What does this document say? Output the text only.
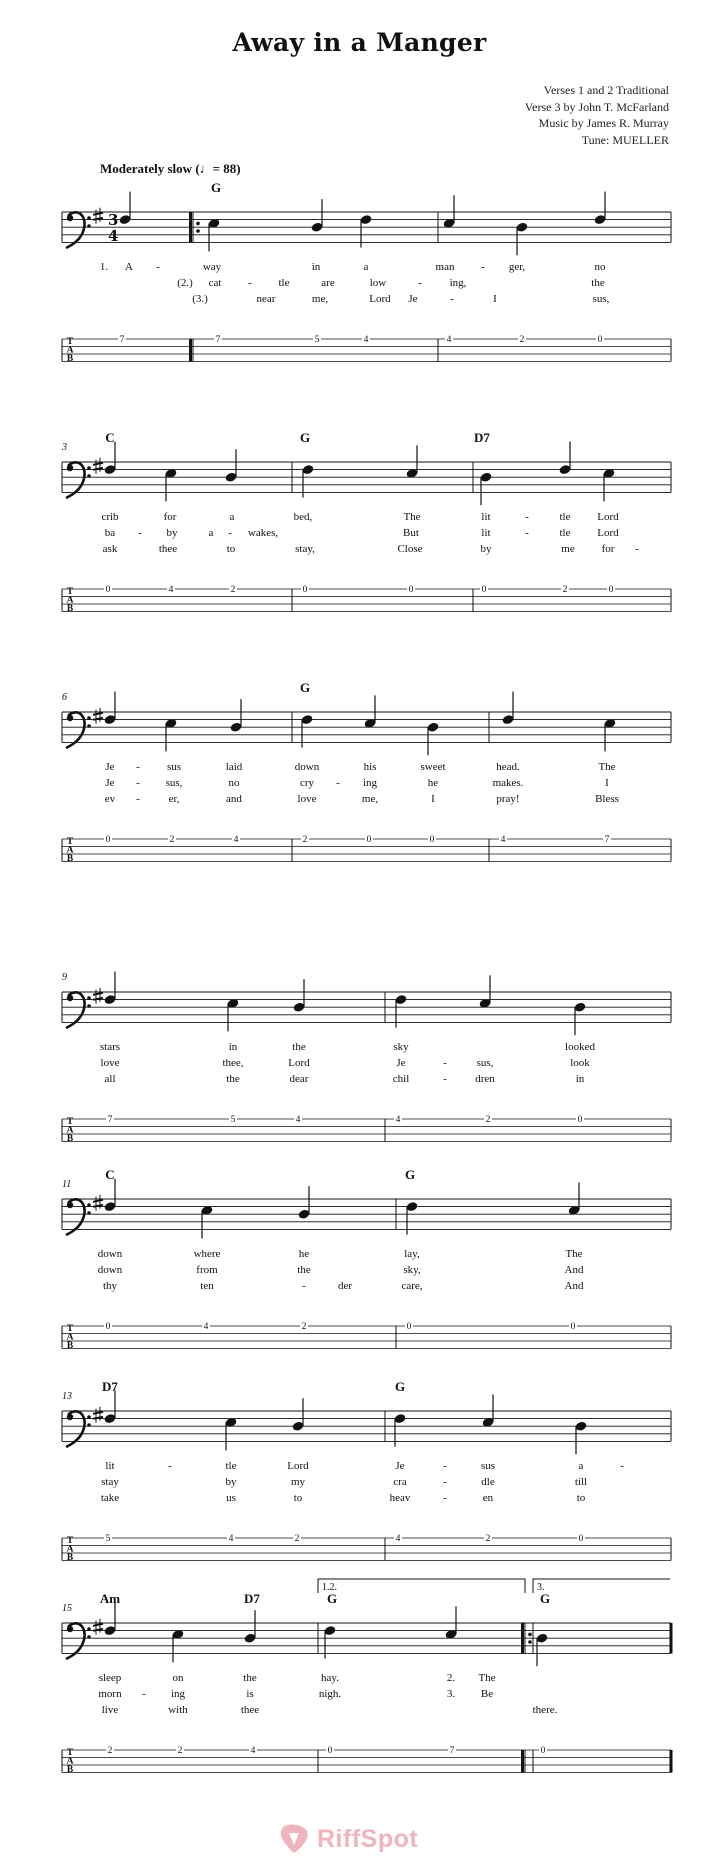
Away in a Manger
Verses 1 and 2 Traditional
Verse 3 by John T. McFarland
Music by James R. Murray
Tune: MUELLER
Moderately slow (♩= 88)
3
4
G
1. A -	way	in	a	man - ger,	no
(2.) cat - tle	are	low	-	ing,	the
(3.)	near	me,	Lord Je	-	sus,
I
T
A
B
7	7	5	4	4	2	0
3
C	G	D7
crib	for	a	bed,	The	lit	-	tle Lord
ba - by	a - wakes,	But	lit	-	tle Lord
ask	thee	to	stay,	Close	by	me for -
T
A
B
0	4	2	0	0	0	2	0
6
G
Je - sus	laid	down	his	sweet	head.	The
Je - sus,	no	cry - ing	he	makes.	I
ev -	er,	and	love	me,	I	pray!	Bless
T
A
B
0	2	4	2	0	0	4	7
9
stars	in	the	sky	looked
love	thee,	Lord	Je	-	sus,	look
all	the	dear	chil	-	dren	in
T
A
B
7	5	4	4	2	0
11
C	G
down	where	he	lay,	The
down	from	the	sky,	And
thy	ten	-	der	care,	And
T
A
B
0	4	2	0	0
13
D7	G
lit	-	tle	Lord	Je	-	sus	a	-
stay	by	my	cra	-	dle	till
take	us	to	heav	-	en	to
T
A
B
5	4	2	4	2	0
15
Am	D7	G	G
1.2.	3.
sleep	on	the	hay.	2. The
morn - ing	is	nigh.	3. Be
live	with	thee	there.
T
A
B
2	2	4	0	7	0
RiffSpot
